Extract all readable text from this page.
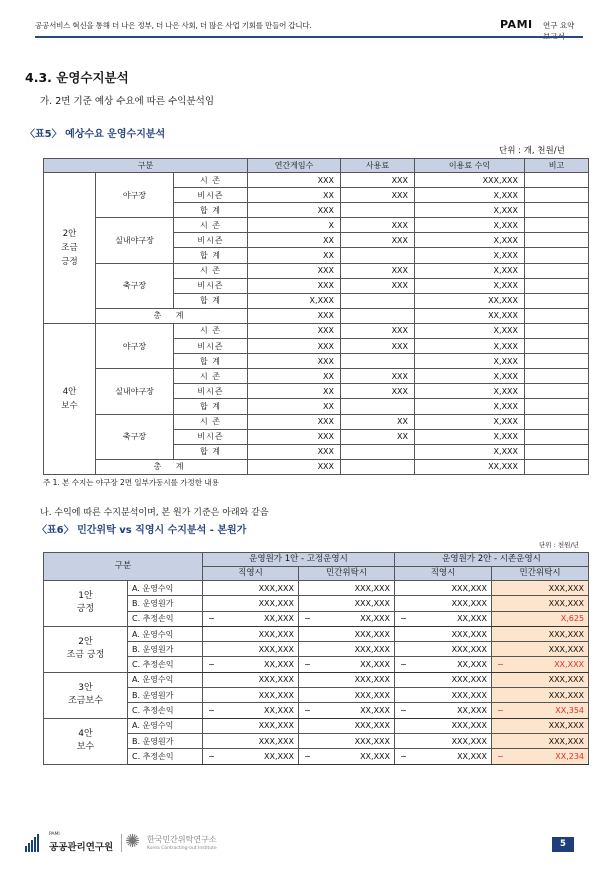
공공서비스 혁신을 통해 더 나은 정부, 더 나은 사회, 더 많은 사업 기회를 만들어 갑니다.	PAMI 연구 요약
4.3. 운영수지분석
가. 2면 기준 예상 수요에 따른 수익분석임
〈표5〉 예상수요 운영수지분석
단위 : 개, 천원/년
구분			연간게임수	사용료	이용료 수익	비고

2안
조금
긍정	야구장	시 존	XXX	XXX	XXX,XXX	
		비시즌	XX	XXX	X,XXX	
		합 계	XXX		X,XXX	
	실내야구장	시 존	X	XXX	X,XXX	
		비시즌	XX	XXX	X,XXX	
		합 계	XX		X,XXX	
	축구장	시 존	XXX	XXX	X,XXX	
		비시즌	XXX	XXX	X,XXX	
		합 계	X,XXX		XX,XXX	
	총 계		XXX		XX,XXX	

4안
보수	야구장	시 존	XXX	XXX	X,XXX	
		비시즌	XXX	XXX	X,XXX	
		합 계	XXX		X,XXX	
	실내야구장	시 존	XX	XXX	X,XXX	
		비시즌	XX	XXX	X,XXX	
		합 계	XX		X,XXX	
	축구장	시 존	XXX	XX	X,XXX	
		비시즌	XXX	XX	X,XXX	
		합 계	XXX		X,XXX	
	총 계		XXX		XX,XXX	
주 1. 본 수지는 야구장 2면 일부가동시를 가정한 내용
나. 수익에 따른 수지분석이며, 본 원가 기준은 아래와 같음
〈표6〉 민간위탁 vs 직영시 수지분석 - 본원가
단위 : 천원/년
구분		운영원가 1안 - 고정운영시		운영원가 2안 - 시존운영시	
		직영시	민간위탁시	직영시	민간위탁시

1안
긍정	A. 운영수익	XXX,XXX	XXX,XXX	XXX,XXX	XXX,XXX
	B. 운영원가	XXX,XXX	XXX,XXX	XXX,XXX	XXX,XXX
	C. 추정손익	− XX,XXX	− XX,XXX	− XX,XXX	X,625

2안
조금 긍정	A. 운영수익	XXX,XXX	XXX,XXX	XXX,XXX	XXX,XXX
	B. 운영원가	XXX,XXX	XXX,XXX	XXX,XXX	XXX,XXX
	C. 추정손익	− XX,XXX	− XX,XXX	− XX,XXX	− XX,XXX

3안
조금보수	A. 운영수익	XXX,XXX	XXX,XXX	XXX,XXX	XXX,XXX
	B. 운영원가	XXX,XXX	XXX,XXX	XXX,XXX	XXX,XXX
	C. 추정손익	− XX,XXX	− XX,XXX	− XX,XXX	− XX,354

4안
보수	A. 운영수익	XXX,XXX	XXX,XXX	XXX,XXX	XXX,XXX
	B. 운영원가	XXX,XXX	XXX,XXX	XXX,XXX	XXX,XXX
	C. 추정손익	− XX,XXX	− XX,XXX	− XX,XXX	− XX,234
PAMI
공공관리연구원 ✺ 한국민간위탁연구소
Korea Contracting-out Institute	5
